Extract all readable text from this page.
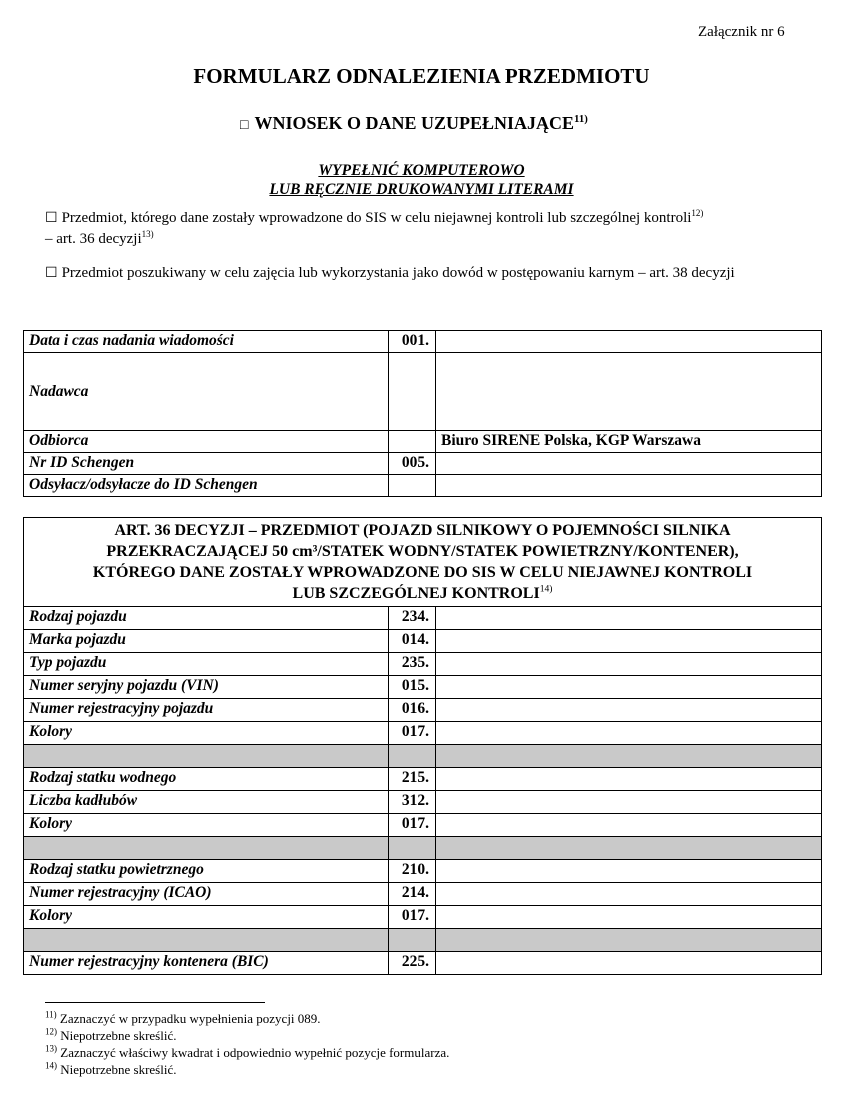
Załącznik nr 6
FORMULARZ ODNALEZIENIA PRZEDMIOTU
□ WNIOSEK O DANE UZUPEŁNIAJĄCE$^{11)}$
WYPEŁNIĆ KOMPUTEROWO
LUB RĘCZNIE DRUKOWANYMI LITERAMI
☐ Przedmiot, którego dane zostały wprowadzone do SIS w celu niejawnej kontroli lub szczególnej kontroli$^{12)}$
– art. 36 decyzji$^{13)}$
☐ Przedmiot poszukiwany w celu zajęcia lub wykorzystania jako dowód w postępowaniu karnym – art. 38 decyzji
Data i czas nadania wiadomości	001.	
Nadawca		
Odbiorca		Biuro SIRENE Polska, KGP Warszawa
Nr ID Schengen	005.	
Odsyłacz/odsyłacze do ID Schengen		
ART. 36 DECYZJI – PRZEDMIOT (POJAZD SILNIKOWY O POJEMNOŚCI SILNIKA
PRZEKRACZAJĄCEJ 50 cm³/STATEK WODNY/STATEK POWIETRZNY/KONTENER),
KTÓREGO DANE ZOSTAŁY WPROWADZONE DO SIS W CELU NIEJAWNEJ KONTROLI
LUB SZCZEGÓLNEJ KONTROLI$^{14)}$

Rodzaj pojazdu	234.	
Marka pojazdu	014.	
Typ pojazdu	235.	
Numer seryjny pojazdu (VIN)	015.	
Numer rejestracyjny pojazdu	016.	
Kolory	017.	

Rodzaj statku wodnego	215.	
Liczba kadłubów	312.	
Kolory	017.	

Rodzaj statku powietrznego	210.	
Numer rejestracyjny (ICAO)	214.	
Kolory	017.	

Numer rejestracyjny kontenera (BIC)	225.	
$^{11)}$ Zaznaczyć w przypadku wypełnienia pozycji 089.
$^{12)}$ Niepotrzebne skreślić.
$^{13)}$ Zaznaczyć właściwy kwadrat i odpowiednio wypełnić pozycje formularza.
$^{14)}$ Niepotrzebne skreślić.
